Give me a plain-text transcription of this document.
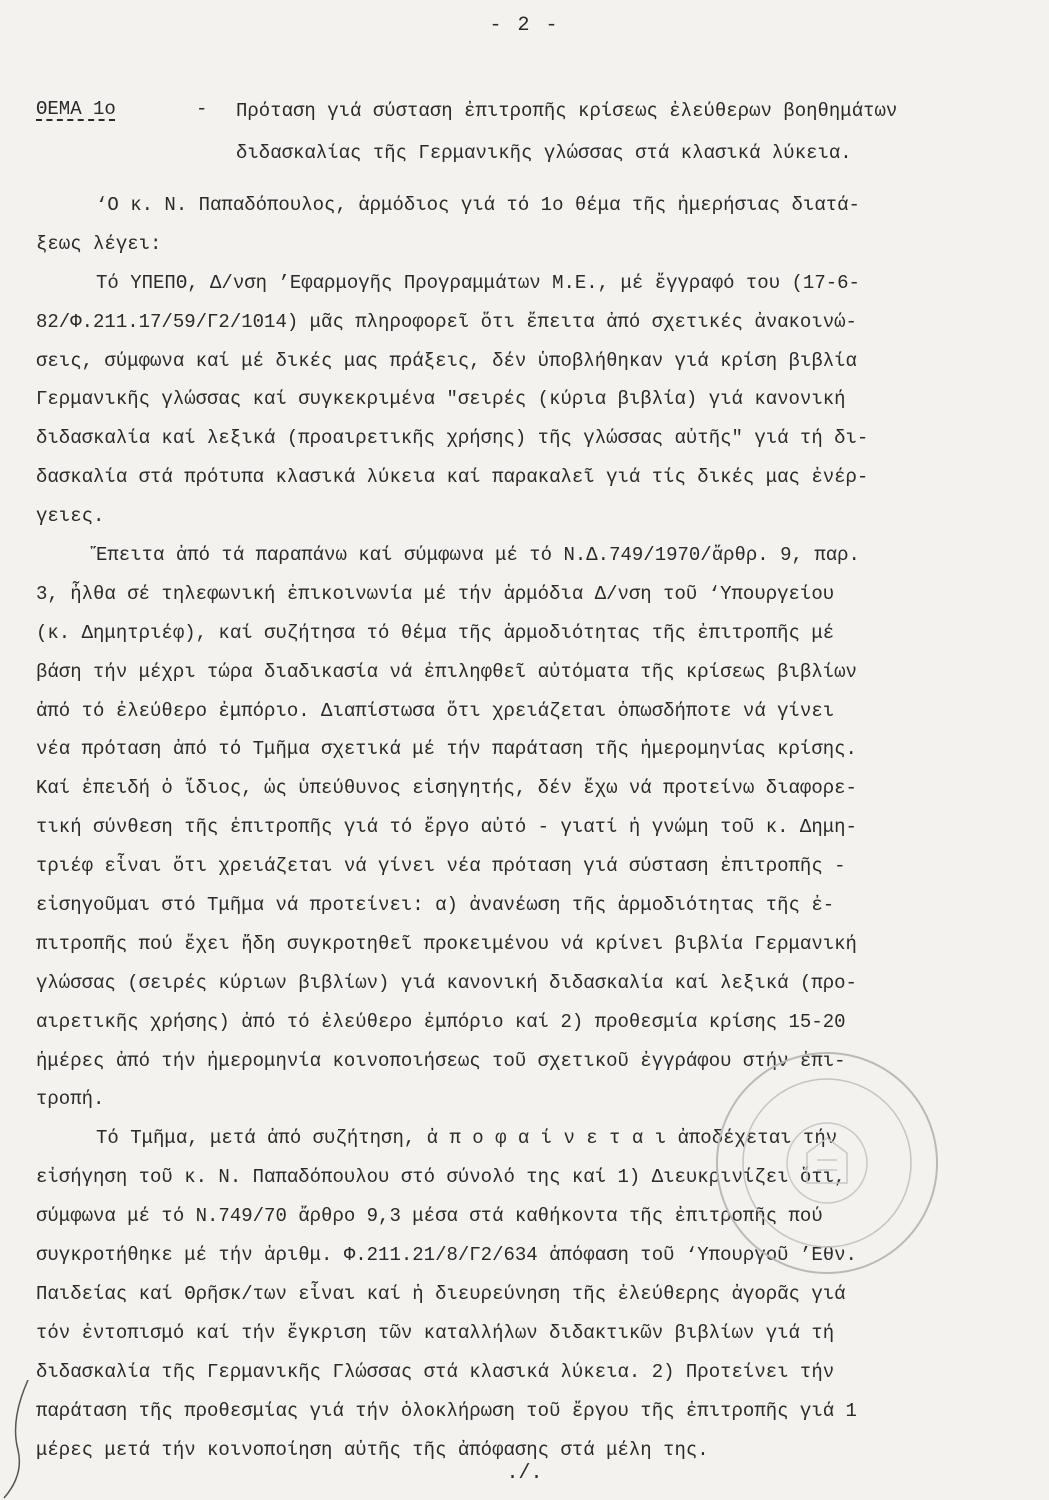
- 2 -
ΘΕΜΑ 1ο	- Πρόταση γιά σύσταση ἐπιτροπῆς κρίσεως ἐλεύθερων βοηθημάτων
διδασκαλίας τῆς Γερμανικῆς γλώσσας στά κλασικά λύκεια.
‘Ο κ. Ν. Παπαδόπουλος, ἁρμόδιος γιά τό 1ο θέμα τῆς ἡμερήσιας διατά-
ξεως λέγει:
Τό ΥΠΕΠΘ, Δ/νση ’Εφαρμογῆς Προγραμμάτων Μ.Ε., μέ ἔγγραφό του (17-6-
82/Φ.211.17/59/Γ2/1014) μᾶς πληροφορεῖ ὅτι ἔπειτα ἀπό σχετικές ἀνακοινώ-
σεις, σύμφωνα καί μέ δικές μας πράξεις, δέν ὑποβλήθηκαν γιά κρίση βιβλία
Γερμανικῆς γλώσσας καί συγκεκριμένα "σειρές (κύρια βιβλία) γιά κανονική
διδασκαλία καί λεξικά (προαιρετικῆς χρήσης) τῆς γλώσσας αὐτῆς" γιά τή δι-
δασκαλία στά πρότυπα κλασικά λύκεια καί παρακαλεῖ γιά τίς δικές μας ἐνέρ-
γειες.
Ἔπειτα ἀπό τά παραπάνω καί σύμφωνα μέ τό Ν.Δ.749/1970/ἄρθρ. 9, παρ.
3, ἦλθα σέ τηλεφωνική ἐπικοινωνία μέ τήν ἁρμόδια Δ/νση τοῦ ‘Υπουργείου
(κ. Δημητριέφ), καί συζήτησα τό θέμα τῆς ἁρμοδιότητας τῆς ἐπιτροπῆς μέ
βάση τήν μέχρι τώρα διαδικασία νά ἐπιληφθεῖ αὐτόματα τῆς κρίσεως βιβλίων
ἀπό τό ἐλεύθερο ἐμπόριο. Διαπίστωσα ὅτι χρειάζεται ὁπωσδήποτε νά γίνει
νέα πρόταση ἀπό τό Τμῆμα σχετικά μέ τήν παράταση τῆς ἡμερομηνίας κρίσης.
Καί ἐπειδή ὁ ἴδιος, ὡς ὑπεύθυνος εἰσηγητής, δέν ἔχω νά προτείνω διαφορε-
τική σύνθεση τῆς ἐπιτροπῆς γιά τό ἔργο αὐτό - γιατί ἡ γνώμη τοῦ κ. Δημη-
τριέφ εἶναι ὅτι χρειάζεται νά γίνει νέα πρόταση γιά σύσταση ἐπιτροπῆς -
εἰσηγοῦμαι στό Τμῆμα νά προτείνει: α) ἀνανέωση τῆς ἁρμοδιότητας τῆς ἐ-
πιτροπῆς πού ἔχει ἤδη συγκροτηθεῖ προκειμένου νά κρίνει βιβλία Γερμανική
γλώσσας (σειρές κύριων βιβλίων) γιά κανονική διδασκαλία καί λεξικά (προ-
αιρετικῆς χρήσης) ἀπό τό ἐλεύθερο ἐμπόριο καί 2) προθεσμία κρίσης 15-20
ἡμέρες ἀπό τήν ἡμερομηνία κοινοποιήσεως τοῦ σχετικοῦ ἐγγράφου στήν ἐπι-
τροπή.
Τό Τμῆμα, μετά ἀπό συζήτηση, ἀ π ο φ α ί ν ε τ α ι ἀποδέχεται τήν
εἰσήγηση τοῦ κ. Ν. Παπαδόπουλου στό σύνολό της καί 1) Διευκρινίζει ὅτι,
σύμφωνα μέ τό Ν.749/70 ἄρθρο 9,3 μέσα στά καθήκοντα τῆς ἐπιτροπῆς πού
συγκροτήθηκε μέ τήν ἀριθμ. Φ.211.21/8/Γ2/634 ἀπόφαση τοῦ ‘Υπουργοῦ ’Εθν.
Παιδείας καί Θρῆσκ/των εἶναι καί ἡ διευρεύνηση τῆς ἐλεύθερης ἀγορᾶς γιά
τόν ἐντοπισμό καί τήν ἔγκριση τῶν καταλλήλων διδακτικῶν βιβλίων γιά τή
διδασκαλία τῆς Γερμανικῆς Γλώσσας στά κλασικά λύκεια. 2) Προτείνει τήν
παράταση τῆς προθεσμίας γιά τήν ὁλοκλήρωση τοῦ ἔργου τῆς ἐπιτροπῆς γιά 1
μέρες μετά τήν κοινοποίηση αὐτῆς τῆς ἀπόφασης στά μέλη της.
./.
